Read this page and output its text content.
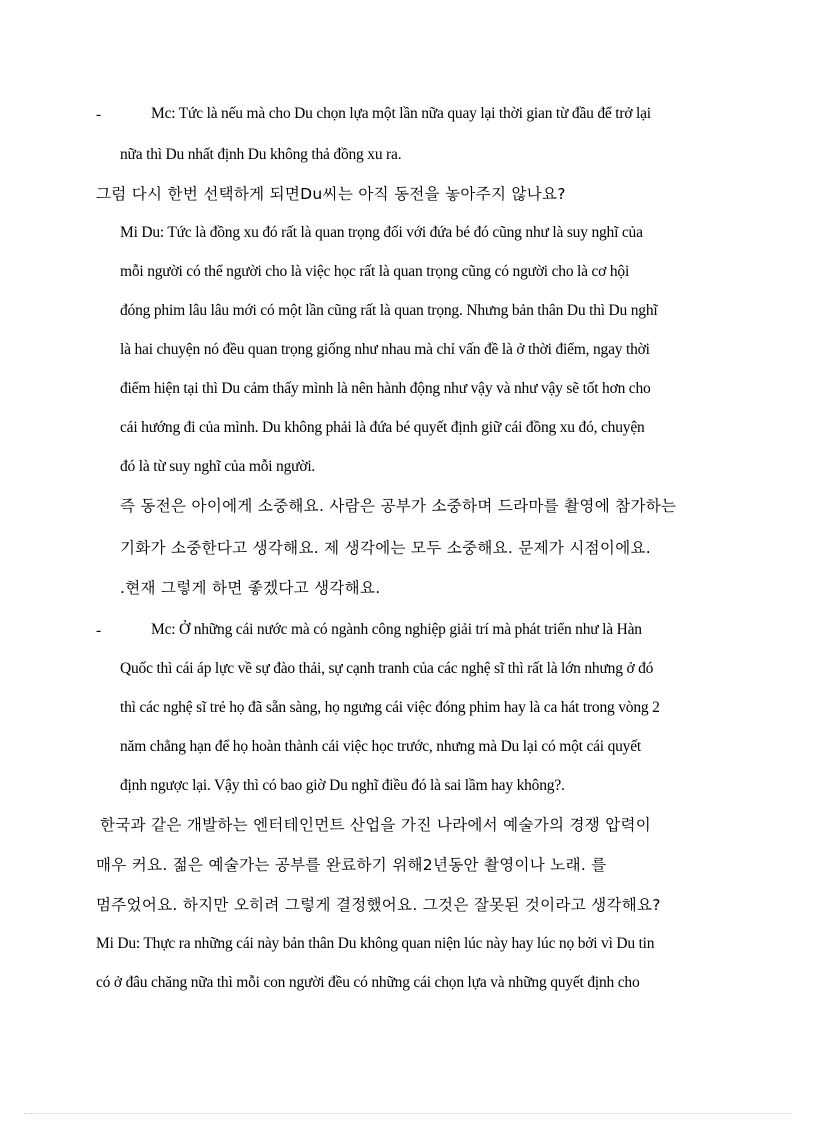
-	Mc: Tức là nếu mà cho Du chọn lựa một lần nữa quay lại thời gian từ đầu để trở lại

nữa thì Du nhất định Du không thả đồng xu ra.

그럼 다시 한번 선택하게 되면Du씨는 아직 동전을 놓아주지 않나요?

Mi Du: Tức là đồng xu đó rất là quan trọng đối với đứa bé đó cũng như là suy nghĩ của

mỗi người có thể người cho là việc học rất là quan trọng cũng có người cho là cơ hội

đóng phim lâu lâu mới có một lần cũng rất là quan trọng. Nhưng bản thân Du thì Du nghĩ

là hai chuyện nó đều quan trọng giống như nhau mà chỉ vấn đề là ở thời điểm, ngay thời

điểm hiện tại thì Du cảm thấy mình là nên hành động như vậy và như vậy sẽ tốt hơn cho

cái hướng đi của mình. Du không phải là đứa bé quyết định giữ cái đồng xu đó, chuyện

đó là từ suy nghĩ của mỗi người.

즉 동전은 아이에게 소중해요. 사람은 공부가 소중하며 드라마를 촬영에 참가하는

기화가 소중한다고 생각해요. 제 생각에는 모두 소중해요. 문제가 시점이에요.

.현재 그렇게 하면 좋겠다고 생각해요.

-	Mc: Ở những cái nước mà có ngành công nghiệp giải trí mà phát triển như là Hàn

Quốc thì cái áp lực về sự đào thải, sự cạnh tranh của các nghệ sĩ thì rất là lớn nhưng ở đó

thì các nghệ sĩ trẻ họ đã sẵn sàng, họ ngưng cái việc đóng phim hay là ca hát trong vòng 2

năm chẳng hạn để họ hoàn thành cái việc học trước, nhưng mà Du lại có một cái quyết

định ngược lại. Vậy thì có bao giờ Du nghĩ điều đó là sai lầm hay không?.

한국과 같은 개발하는 엔터테인먼트 산업을 가진 나라에서 예술가의 경쟁 압력이

매우 커요. 젊은 예술가는 공부를 완료하기 위해2년동안 촬영이나 노래. 를

멈주었어요. 하지만 오히려 그렇게 결정했어요. 그것은 잘못된 것이라고 생각해요?

Mi Du: Thực ra những cái này bản thân Du không quan niện lúc này hay lúc nọ bởi vì Du tin

có ở đâu chăng nữa thì mỗi con người đều có những cái chọn lựa và những quyết định cho
